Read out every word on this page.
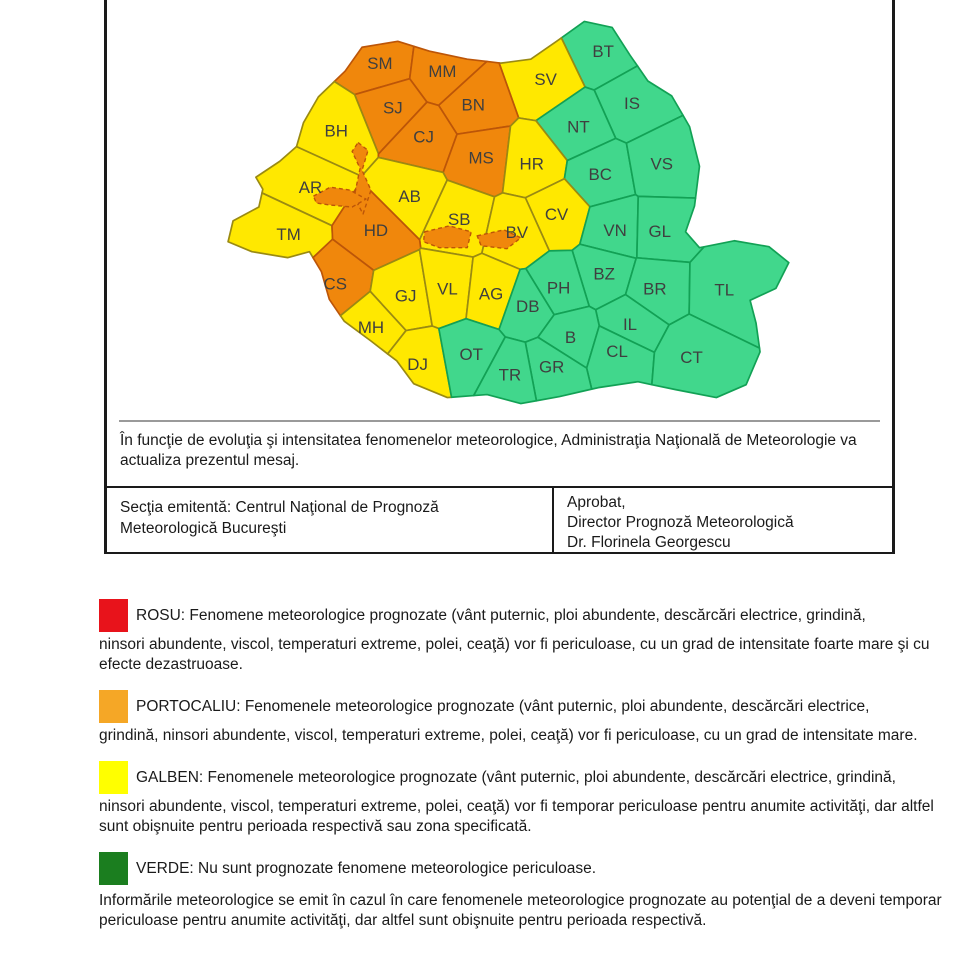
SM MM
BT
SV
SJ	BN	IS
NT
BH	CJ
MS HR
BC
VS
AR	AB
SB	CV
BV	VN GL
TM	HD
CS
BZ
BR	TL
GJ VL AG	PH
DB
MH	IL
B
CL
DJ
OT	CT
GR
TR
În funcţie de evoluţia şi intensitatea fenomenelor meteorologice, Administraţia Naţională de Meteorologie va actualiza prezentul mesaj.
Secţia emitentă: Centrul Naţional de Prognoză
Meteorologică Bucureşti
Aprobat,
Director Prognoză Meteorologică
Dr. Florinela Georgescu
ROSU: Fenomene meteorologice prognozate (vânt puternic, ploi abundente, descărcări electrice, grindină,
ninsori abundente, viscol, temperaturi extreme, polei, ceaţă) vor fi periculoase, cu un grad de intensitate foarte mare şi cu efecte dezastruoase.
PORTOCALIU: Fenomenele meteorologice prognozate (vânt puternic, ploi abundente, descărcări electrice,
grindină, ninsori abundente, viscol, temperaturi extreme, polei, ceaţă) vor fi periculoase, cu un grad de intensitate mare.
GALBEN: Fenomenele meteorologice prognozate (vânt puternic, ploi abundente, descărcări electrice, grindină,
ninsori abundente, viscol, temperaturi extreme, polei, ceaţă) vor fi temporar periculoase pentru anumite activităţi, dar altfel sunt obişnuite pentru perioada respectivă sau zona specificată.
VERDE: Nu sunt prognozate fenomene meteorologice periculoase.
Informările meteorologice se emit în cazul în care fenomenele meteorologice prognozate au potenţial de a deveni temporar periculoase pentru anumite activităţi, dar altfel sunt obişnuite pentru perioada respectivă.
